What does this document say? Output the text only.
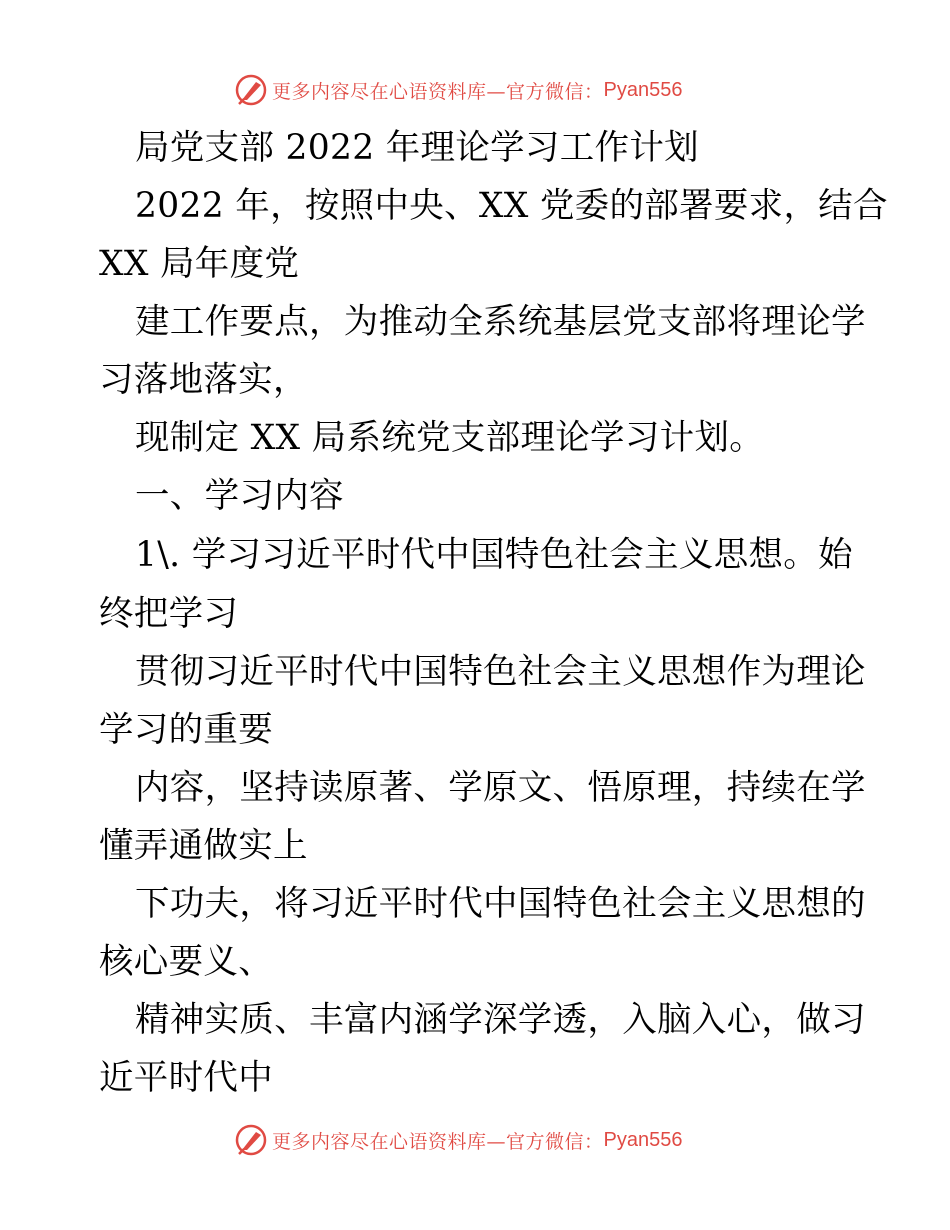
更多内容尽在心语资料库—官方微信： Pyan556
局党支部 2022 年理论学习工作计划
2022 年，按照中央、XX 党委的部署要求，结合
XX 局年度党
建工作要点，为推动全系统基层党支部将理论学
习落地落实，
现制定 XX 局系统党支部理论学习计划。
一、学习内容
1\. 学习习近平时代中国特色社会主义思想。始
终把学习
贯彻习近平时代中国特色社会主义思想作为理论
学习的重要
内容，坚持读原著、学原文、悟原理，持续在学
懂弄通做实上
下功夫，将习近平时代中国特色社会主义思想的
核心要义、
精神实质、丰富内涵学深学透，入脑入心，做习
近平时代中
更多内容尽在心语资料库—官方微信： Pyan556
